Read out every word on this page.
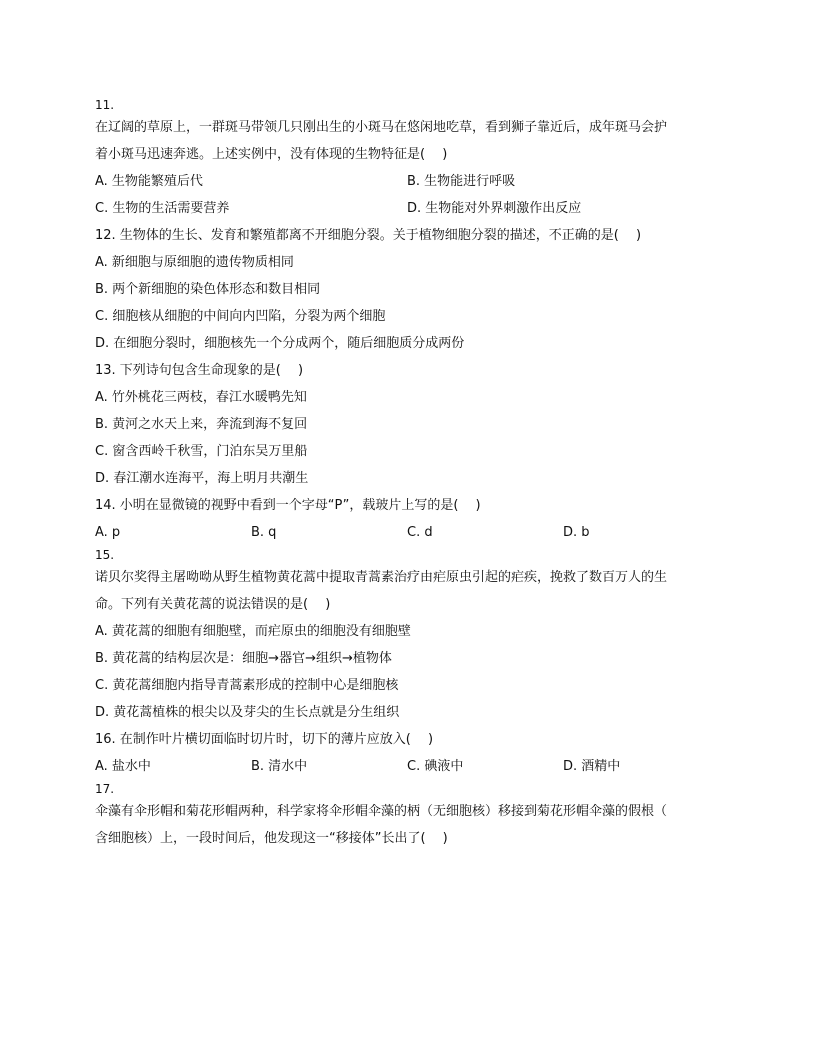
11.
在辽阔的草原上，一群斑马带领几只刚出生的小斑马在悠闲地吃草，看到狮子靠近后，成年斑马会护
着小斑马迅速奔逃。上述实例中，没有体现的生物特征是(　 )
A. 生物能繁殖后代	B. 生物能进行呼吸
C. 生物的生活需要营养	D. 生物能对外界刺激作出反应
12. 生物体的生长、发育和繁殖都离不开细胞分裂。关于植物细胞分裂的描述，不正确的是(　 )
A. 新细胞与原细胞的遗传物质相同
B. 两个新细胞的染色体形态和数目相同
C. 细胞核从细胞的中间向内凹陷，分裂为两个细胞
D. 在细胞分裂时，细胞核先一个分成两个，随后细胞质分成两份
13. 下列诗句包含生命现象的是(　 )
A. 竹外桃花三两枝，春江水暖鸭先知
B. 黄河之水天上来，奔流到海不复回
C. 窗含西岭千秋雪，门泊东吴万里船
D. 春江潮水连海平，海上明月共潮生
14. 小明在显微镜的视野中看到一个字母“P”，载玻片上写的是(　 )
A. p	B. q	C. d	D. b
15.
诺贝尔奖得主屠呦呦从野生植物黄花蒿中提取青蒿素治疗由疟原虫引起的疟疾，挽救了数百万人的生
命。下列有关黄花蒿的说法错误的是(　 )
A. 黄花蒿的细胞有细胞壁，而疟原虫的细胞没有细胞壁
B. 黄花蒿的结构层次是：细胞→器官→组织→植物体
C. 黄花蒿细胞内指导青蒿素形成的控制中心是细胞核
D. 黄花蒿植株的根尖以及芽尖的生长点就是分生组织
16. 在制作叶片横切面临时切片时，切下的薄片应放入(　 )
A. 盐水中	B. 清水中	C. 碘液中	D. 酒精中
17.
伞藻有伞形帽和菊花形帽两种，科学家将伞形帽伞藻的柄（无细胞核）移接到菊花形帽伞藻的假根（
含细胞核）上，一段时间后，他发现这一“移接体”长出了(　 )
